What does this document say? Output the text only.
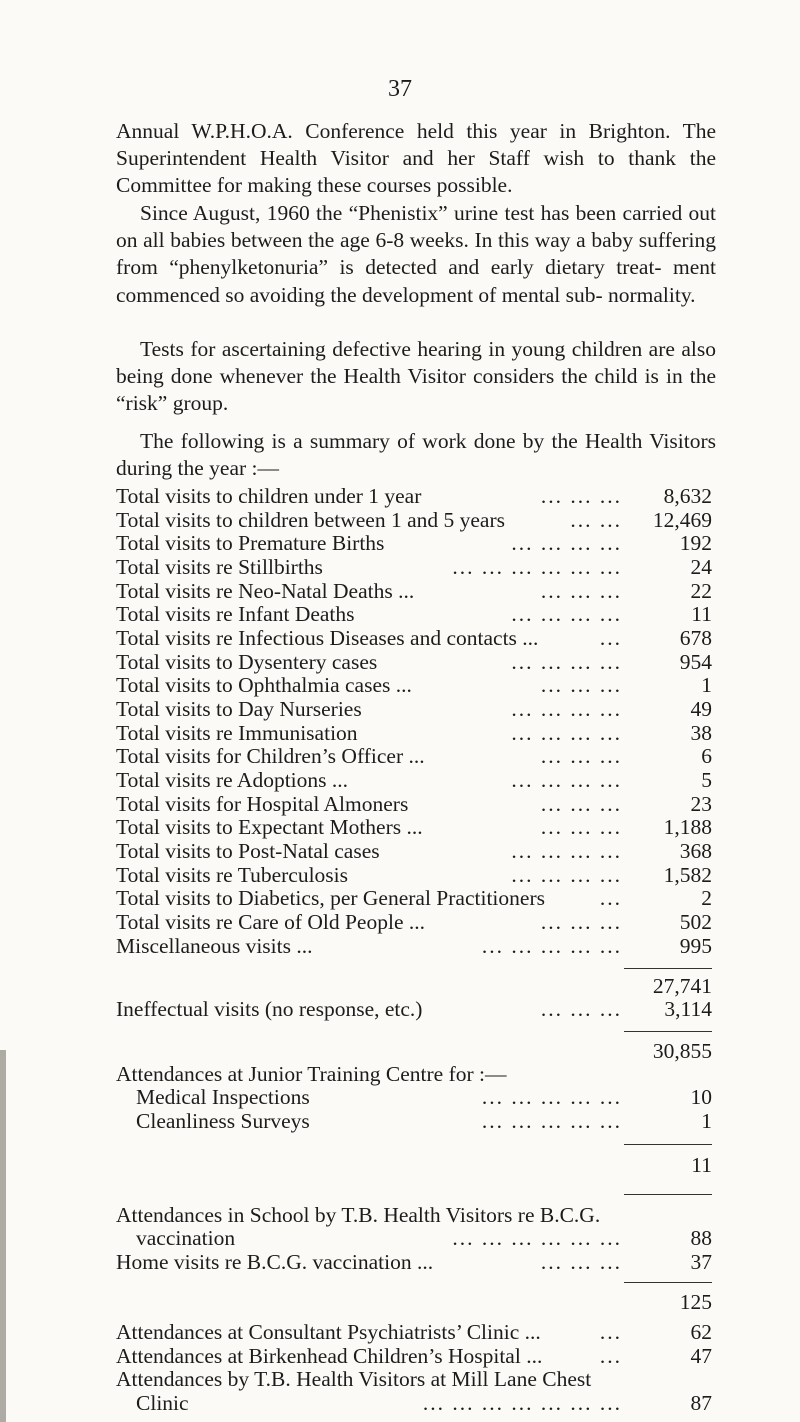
37

Annual W.P.H.O.A. Conference held this year in Brighton. The Superintendent Health Visitor and her Staff wish to thank the Committee for making these courses possible.

Since August, 1960 the “Phenistix” urine test has been carried out on all babies between the age 6-8 weeks. In this way a baby suffering from “phenylketonuria” is detected and early dietary treat- ment commenced so avoiding the development of mental sub- normality.

Tests for ascertaining defective hearing in young children are also being done whenever the Health Visitor considers the child is in the “risk” group.

The following is a summary of work done by the Health Visitors during the year :—

Total visits to children under 1 year	... ... ... 8,632
Total visits to children between 1 and 5 years	... ... 12,469
Total visits to Premature Births	... ... ... ...	192
Total visits re Stillbirths	... ... ... ... ... ...	24
Total visits re Neo-Natal Deaths ...	... ... ...	22
Total visits re Infant Deaths	... ... ... ...	11
Total visits re Infectious Diseases and contacts ...	...	678
Total visits to Dysentery cases	... ... ... ...	954
Total visits to Ophthalmia cases ...	... ... ...	1
Total visits to Day Nurseries	... ... ... ...	49
Total visits re Immunisation	... ... ... ...	38
Total visits for Children’s Officer ...	... ... ...	6
Total visits re Adoptions ...	... ... ... ...	5
Total visits for Hospital Almoners	... ... ...	23
Total visits to Expectant Mothers ...	... ... ... 1,188
Total visits to Post-Natal cases	... ... ... ...	368
Total visits re Tuberculosis	... ... ... ... 1,582
Total visits to Diabetics, per General Practitioners	...	2
Total visits re Care of Old People ...	... ... ...	502
Miscellaneous visits ...	... ... ... ... ...	995
27,741
Ineffectual visits (no response, etc.)	... ... ... 3,114
30,855
Attendances at Junior Training Centre for :—
Medical Inspections	... ... ... ... ...	10
Cleanliness Surveys	... ... ... ... ...	1
11
Attendances in School by T.B. Health Visitors re B.C.G.
vaccination	... ... ... ... ... ...	88
Home visits re B.C.G. vaccination ...	... ... ...	37
125
Attendances at Consultant Psychiatrists’ Clinic ...	...	62
Attendances at Birkenhead Children’s Hospital ...	...	47
Attendances by T.B. Health Visitors at Mill Lane Chest
Clinic	... ... ... ... ... ... ...	87
